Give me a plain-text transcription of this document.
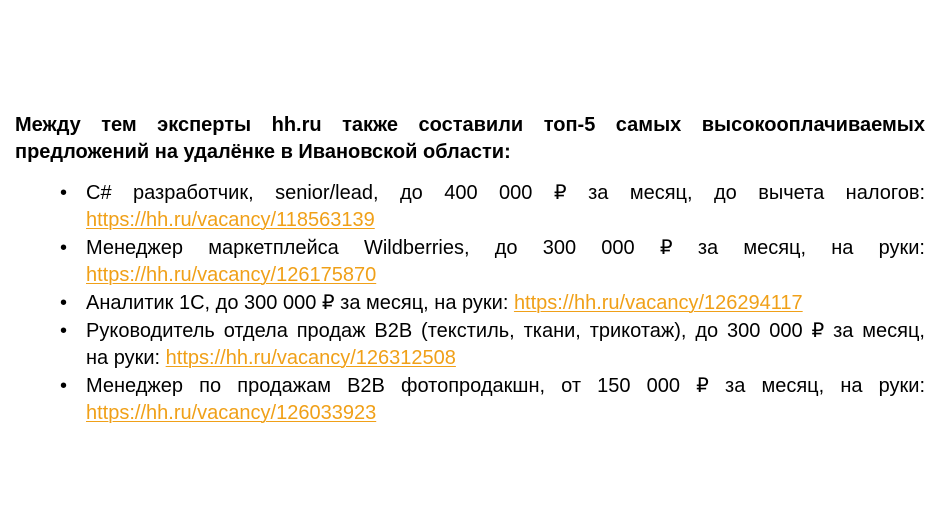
Между тем эксперты hh.ru также составили топ-5 самых высокооплачиваемых
предложений на удалёнке в Ивановской области:
• C# разработчик, senior/lead, до 400 000 ₽ за месяц, до вычета налогов:
https://hh.ru/vacancy/118563139
• Менеджер маркетплейса Wildberries, до 300 000 ₽ за месяц, на руки:
https://hh.ru/vacancy/126175870
• Аналитик 1С, до 300 000 ₽ за месяц, на руки: https://hh.ru/vacancy/126294117
• Руководитель отдела продаж B2B (текстиль, ткани, трикотаж), до 300 000 ₽ за месяц,
на руки: https://hh.ru/vacancy/126312508
• Менеджер по продажам B2B фотопродакшн, от 150 000 ₽ за месяц, на руки:
https://hh.ru/vacancy/126033923
